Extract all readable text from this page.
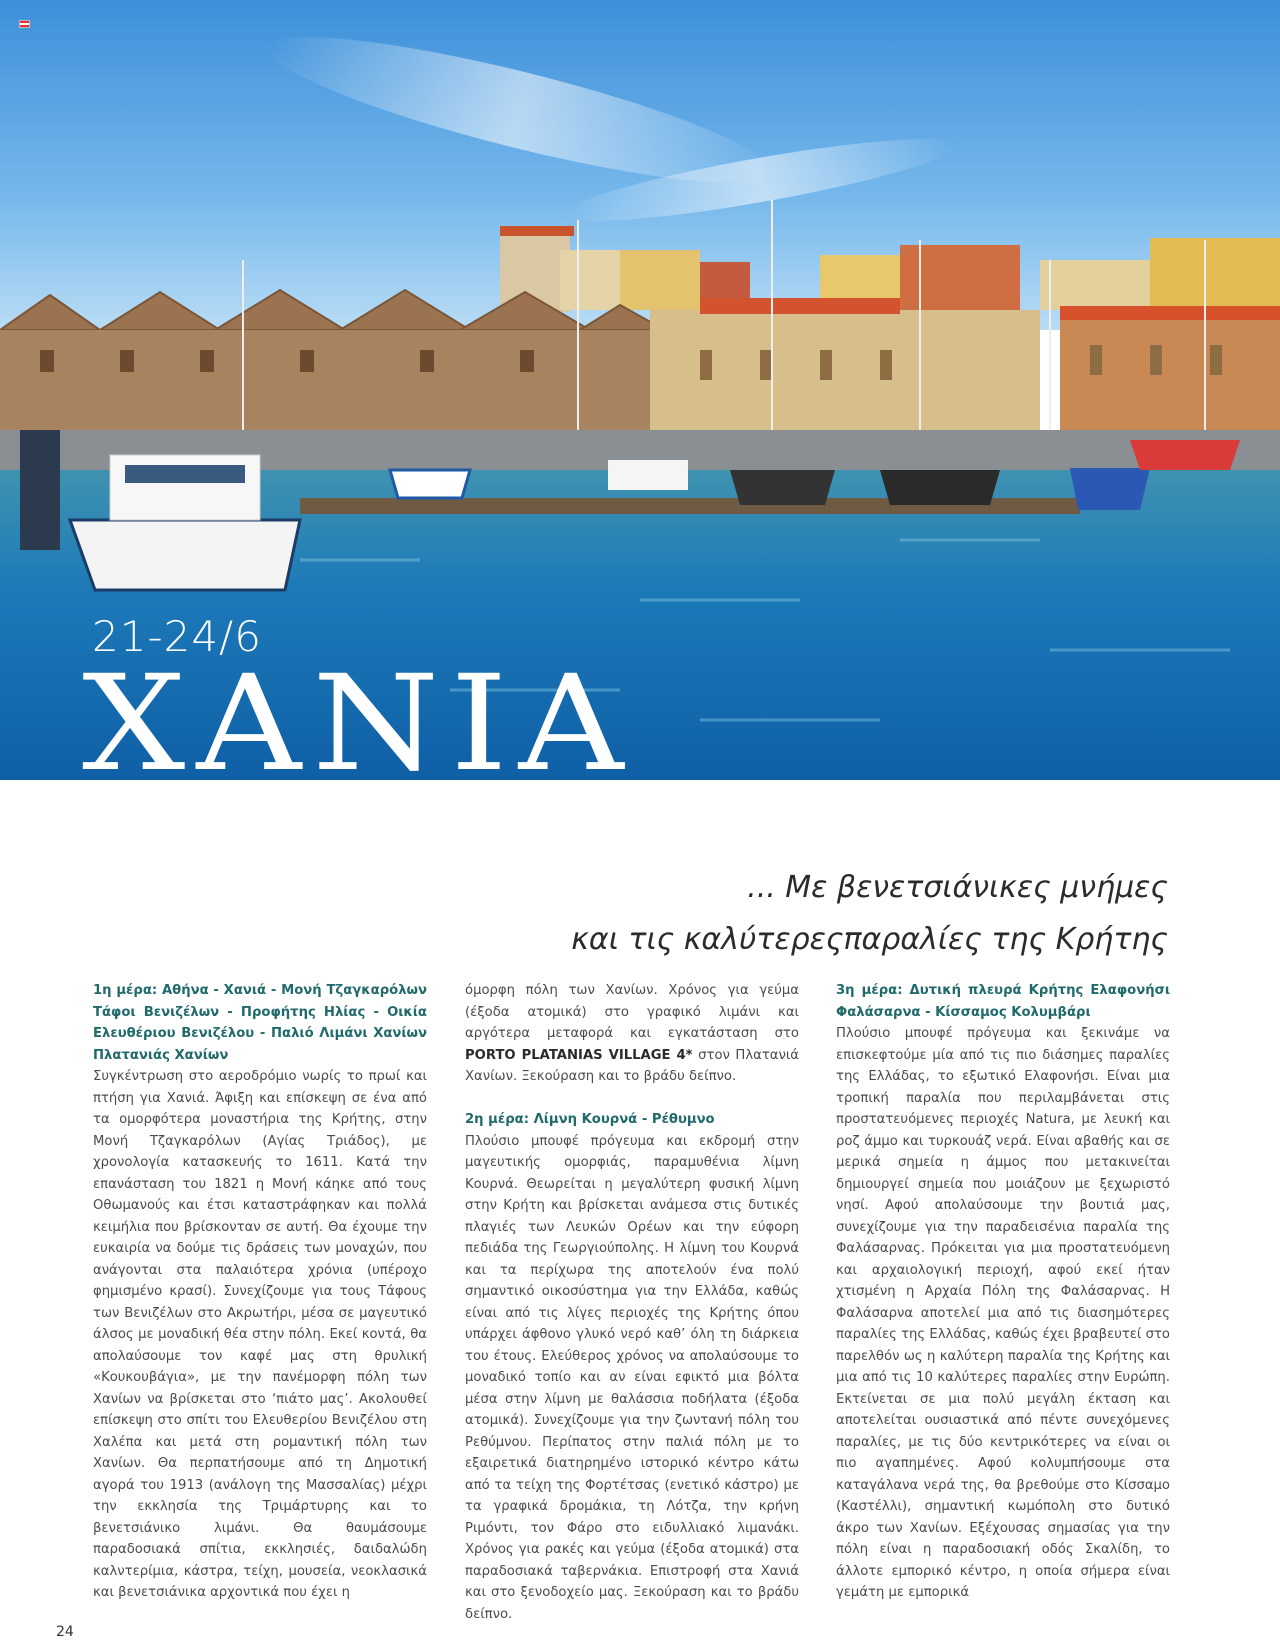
21-24/6
ΧΑΝΙΑ
... Με βενετσιάνικες μνήμες
και τις καλύτερεςπαραλίες της Κρήτης

1η μέρα: Αθήνα - Χανιά - Μονή Τζαγκαρόλων Τάφοι Βενιζέλων - Προφήτης Ηλίας - Οικία Ελευθέριου Βενιζέλου - Παλιό Λιμάνι Χανίων Πλατανιάς Χανίων

Συγκέντρωση στο αεροδρόμιο νωρίς το πρωί και πτήση για Χανιά. Άφιξη και επίσκεψη σε ένα από τα ομορφότερα μοναστήρια της Κρήτης, στην Μονή Τζαγκαρόλων (Αγίας Τριάδος), με χρονολογία κατασκευής το 1611. Κατά την επανάσταση του 1821 η Μονή κάηκε από τους Οθωμανούς και έτσι καταστράφηκαν και πολλά κειμήλια που βρίσκονταν σε αυτή. Θα έχουμε την ευκαιρία να δούμε τις δράσεις των μοναχών, που ανάγονται στα παλαιότερα χρόνια (υπέροχο φημισμένο κρασί). Συνεχίζουμε για τους Τάφους των Βενιζέλων στο Ακρωτήρι, μέσα σε μαγευτικό άλσος με μοναδική θέα στην πόλη. Εκεί κοντά, θα απολαύσουμε τον καφέ μας στη θρυλική «Κουκουβάγια», με την πανέμορφη πόλη των Χανίων να βρίσκεται στο ‘πιάτο μας’. Ακολουθεί επίσκεψη στο σπίτι του Ελευθερίου Βενιζέλου στη Χαλέπα και μετά στη ρομαντική πόλη των Χανίων. Θα περπατήσουμε από τη Δημοτική αγορά του 1913 (ανάλογη της Μασσαλίας) μέχρι την εκκλησία της Τριμάρτυρης και το βενετσιάνικο λιμάνι. Θα θαυμάσουμε παραδοσιακά σπίτια, εκκλησιές, δαιδαλώδη καλντερίμια, κάστρα, τείχη, μουσεία, νεοκλασικά και βενετσιάνικα αρχοντικά που έχει η

όμορφη πόλη των Χανίων. Χρόνος για γεύμα (έξοδα ατομικά) στο γραφικό λιμάνι και αργότερα μεταφορά και εγκατάσταση στο PORTO PLATANIAS VILLAGE 4* στον Πλατανιά Χανίων. Ξεκούραση και το βράδυ δείπνο.

2η μέρα: Λίμνη Κουρνά - Ρέθυμνο

Πλούσιο μπουφέ πρόγευμα και εκδρομή στην μαγευτικής ομορφιάς, παραμυθένια λίμνη Κουρνά. Θεωρείται η μεγαλύτερη φυσική λίμνη στην Κρήτη και βρίσκεται ανάμεσα στις δυτικές πλαγιές των Λευκών Ορέων και την εύφορη πεδιάδα της Γεωργιούπολης. Η λίμνη του Κουρνά και τα περίχωρα της αποτελούν ένα πολύ σημαντικό οικοσύστημα για την Ελλάδα, καθώς είναι από τις λίγες περιοχές της Κρήτης όπου υπάρχει άφθονο γλυκό νερό καθ’ όλη τη διάρκεια του έτους. Ελεύθερος χρόνος να απολαύσουμε το μοναδικό τοπίο και αν είναι εφικτό μια βόλτα μέσα στην λίμνη με θαλάσσια ποδήλατα (έξοδα ατομικά). Συνεχίζουμε για την ζωντανή πόλη του Ρεθύμνου. Περίπατος στην παλιά πόλη με το εξαιρετικά διατηρημένο ιστορικό κέντρο κάτω από τα τείχη της Φορτέτσας (ενετικό κάστρο) με τα γραφικά δρομάκια, τη Λότζα, την κρήνη Ριμόντι, τον Φάρο στο ειδυλλιακό λιμανάκι. Χρόνος για ρακές και γεύμα (έξοδα ατομικά) στα παραδοσιακά ταβερνάκια. Επιστροφή στα Χανιά και στο ξενοδοχείο μας. Ξεκούραση και το βράδυ δείπνο.

3η μέρα: Δυτική πλευρά Κρήτης Ελαφονήσι Φαλάσαρνα - Κίσσαμος Κολυμβάρι

Πλούσιο μπουφέ πρόγευμα και ξεκινάμε να επισκεφτούμε μία από τις πιο διάσημες παραλίες της Ελλάδας, το εξωτικό Ελαφονήσι. Είναι μια τροπική παραλία που περιλαμβάνεται στις προστατευόμενες περιοχές Natura, με λευκή και ροζ άμμο και τυρκουάζ νερά. Είναι αβαθής και σε μερικά σημεία η άμμος που μετακινείται δημιουργεί σημεία που μοιάζουν με ξεχωριστό νησί. Αφού απολαύσουμε την βουτιά μας, συνεχίζουμε για την παραδεισένια παραλία της Φαλάσαρνας. Πρόκειται για μια προστατευόμενη και αρχαιολογική περιοχή, αφού εκεί ήταν χτισμένη η Αρχαία Πόλη της Φαλάσαρνας. Η Φαλάσαρνα αποτελεί μια από τις διασημότερες παραλίες της Ελλάδας, καθώς έχει βραβευτεί στο παρελθόν ως η καλύτερη παραλία της Κρήτης και μια από τις 10 καλύτερες παραλίες στην Ευρώπη. Εκτείνεται σε μια πολύ μεγάλη έκταση και αποτελείται ουσιαστικά από πέντε συνεχόμενες παραλίες, με τις δύο κεντρικότερες να είναι οι πιο αγαπημένες. Αφού κολυμπήσουμε στα καταγάλανα νερά της, θα βρεθούμε στο Κίσσαμο (Καστέλλι), σημαντική κωμόπολη στο δυτικό άκρο των Χανίων. Εξέχουσας σημασίας για την πόλη είναι η παραδοσιακή οδός Σκαλίδη, το άλλοτε εμπορικό κέντρο, η οποία σήμερα είναι γεμάτη με εμπορικά

24
